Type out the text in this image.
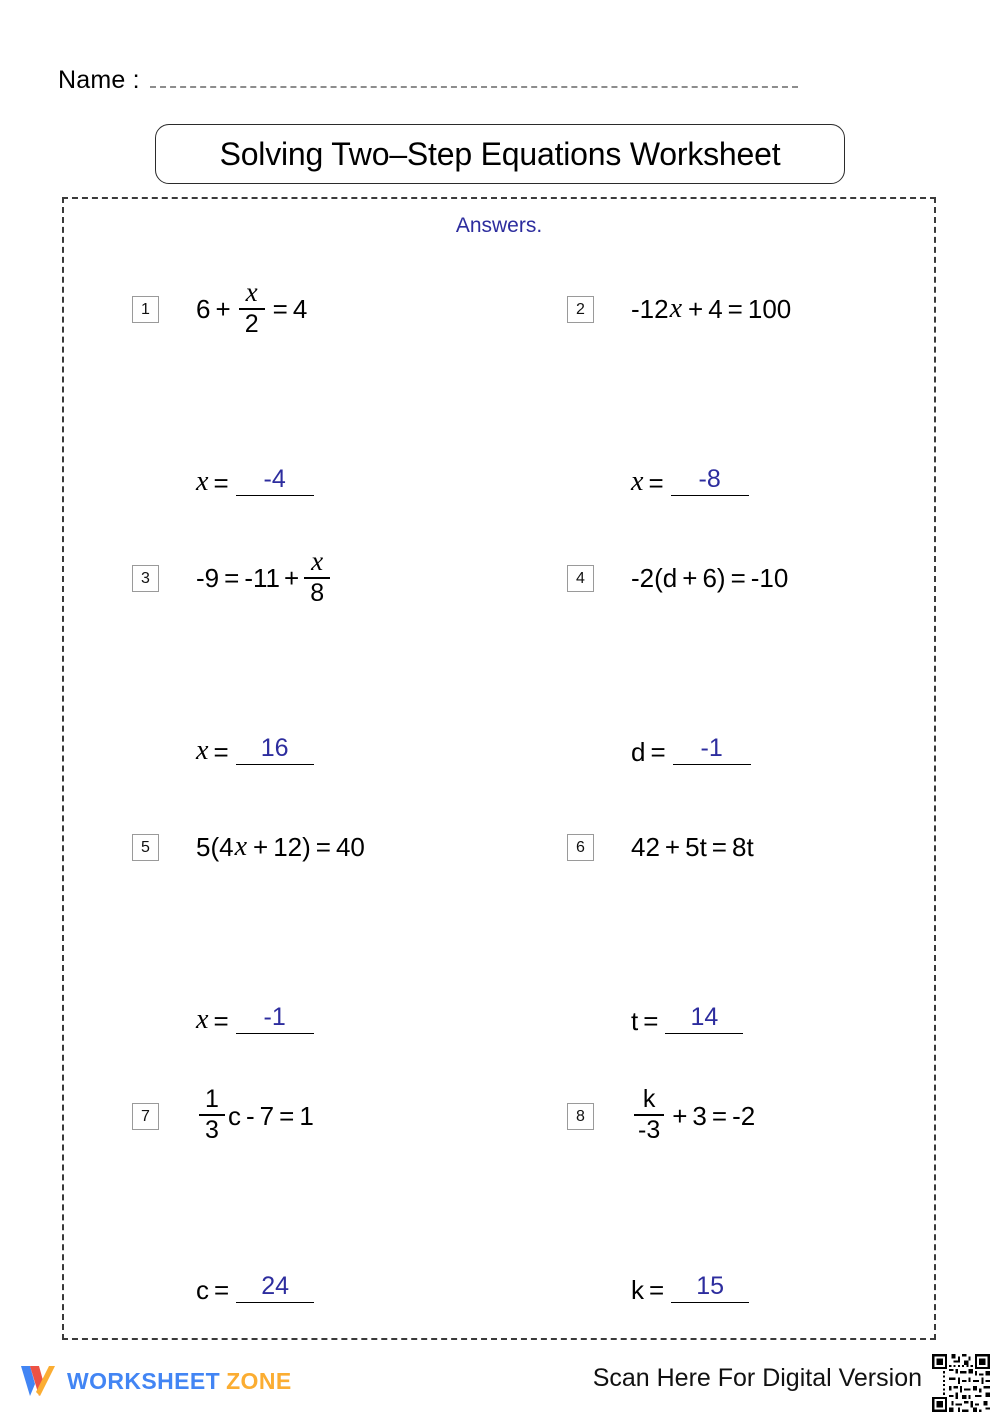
Name :
Solving Two–Step Equations Worksheet
Answers.
1	$6 + \frac{x}{2} = 4$
x =	-4
2	-12 x + 4 = 100
x =	-8
3	$-9 = -11 + \frac{x}{8}$
x =	16
4	-2(d + 6) = -10
d =	-1
5	5(4 x + 12) = 40
x =	-1
6	42 + 5t = 8t
t =	14
7	$\frac{1}{3}$ c - 7 = 1
c =	24
8	$\frac{k}{-3} + 3 = -2$
k =	15
WORKSHEET ZONE	Scan Here For Digital Version
